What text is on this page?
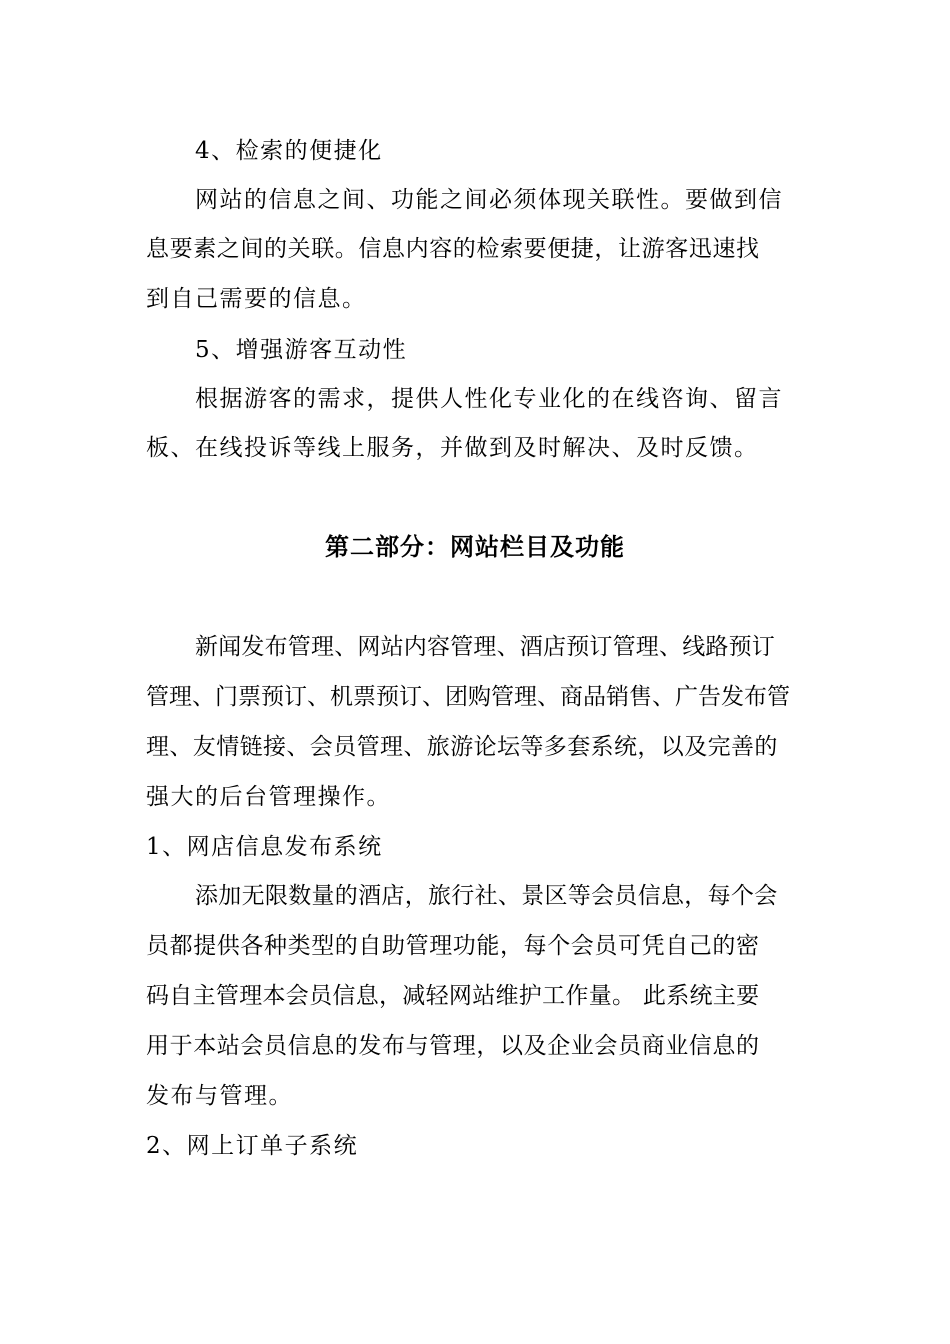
4、检索的便捷化
网站的信息之间、功能之间必须体现关联性。要做到信
息要素之间的关联。信息内容的检索要便捷，让游客迅速找
到自己需要的信息。
5、增强游客互动性
根据游客的需求，提供人性化专业化的在线咨询、留言
板、在线投诉等线上服务，并做到及时解决、及时反馈。
第二部分：网站栏目及功能
新闻发布管理、网站内容管理、酒店预订管理、线路预订
管理、门票预订、机票预订、团购管理、商品销售、广告发布管
理、友情链接、会员管理、旅游论坛等多套系统，以及完善的
强大的后台管理操作。
1、网店信息发布系统
添加无限数量的酒店，旅行社、景区等会员信息，每个会
员都提供各种类型的自助管理功能，每个会员可凭自己的密
码自主管理本会员信息，减轻网站维护工作量。 此系统主要
用于本站会员信息的发布与管理，以及企业会员商业信息的
发布与管理。
2、网上订单子系统
